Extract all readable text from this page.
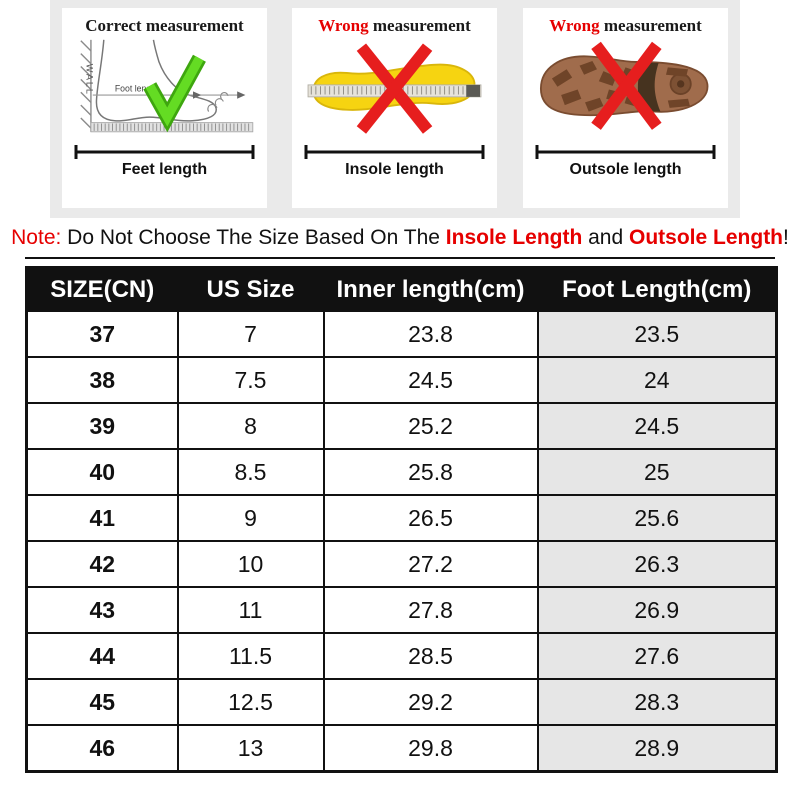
Correct measurement
WALL Foot length
Feet length
Wrong measurement
Insole length
Wrong measurement
Outsole length
Note: Do Not Choose The Size Based On The Insole Length and Outsole Length!
SIZE(CN)	US Size	Inner length(cm)	Foot Length(cm)
37	7	23.8	23.5
38	7.5	24.5	24
39	8	25.2	24.5
40	8.5	25.8	25
41	9	26.5	25.6
42	10	27.2	26.3
43	11	27.8	26.9
44	11.5	28.5	27.6
45	12.5	29.2	28.3
46	13	29.8	28.9
